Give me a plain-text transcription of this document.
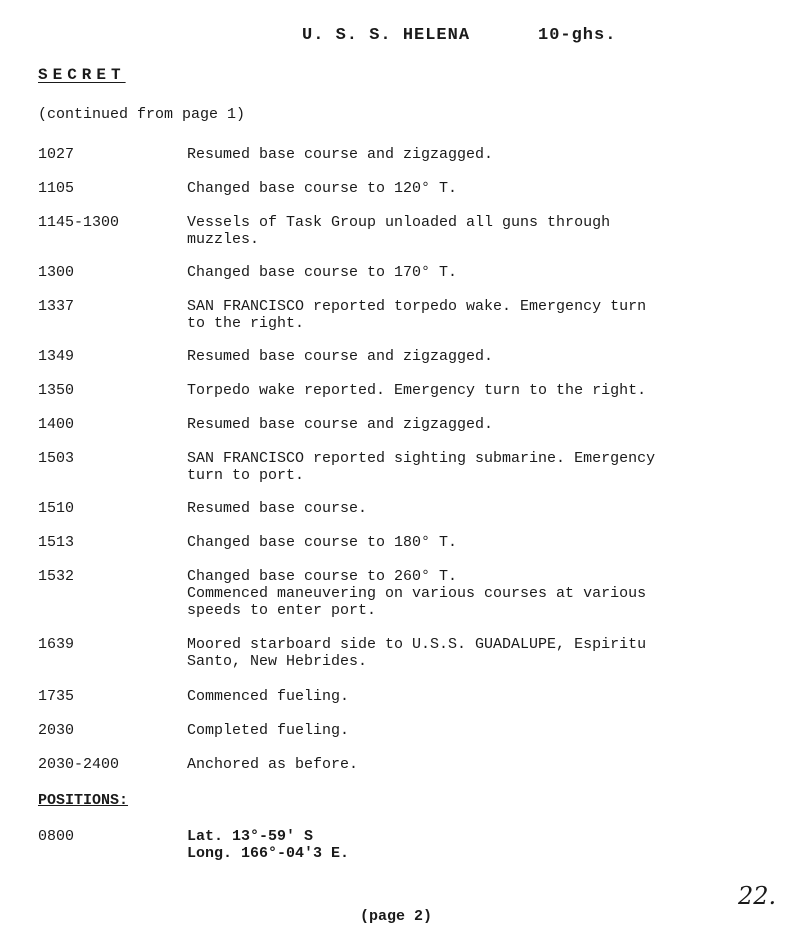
U. S. S. HELENA	10-ghs.
SECRET
(continued from page 1)
1027	Resumed base course and zigzagged.
1105	Changed base course to 120° T.
1145-1300	Vessels of Task Group unloaded all guns through
muzzles.
1300	Changed base course to 170° T.
1337	SAN FRANCISCO reported torpedo wake. Emergency turn
to the right.
1349	Resumed base course and zigzagged.
1350	Torpedo wake reported. Emergency turn to the right.
1400	Resumed base course and zigzagged.
1503	SAN FRANCISCO reported sighting submarine. Emergency
turn to port.
1510	Resumed base course.
1513	Changed base course to 180° T.
1532	Changed base course to 260° T.
Commenced maneuvering on various courses at various
speeds to enter port.
1639	Moored starboard side to U.S.S. GUADALUPE, Espiritu
Santo, New Hebrides.
1735	Commenced fueling.
2030	Completed fueling.
2030-2400	Anchored as before.
POSITIONS:
0800	Lat. 13°-59' S
Long. 166°-04'3 E.
(page 2)
22.
